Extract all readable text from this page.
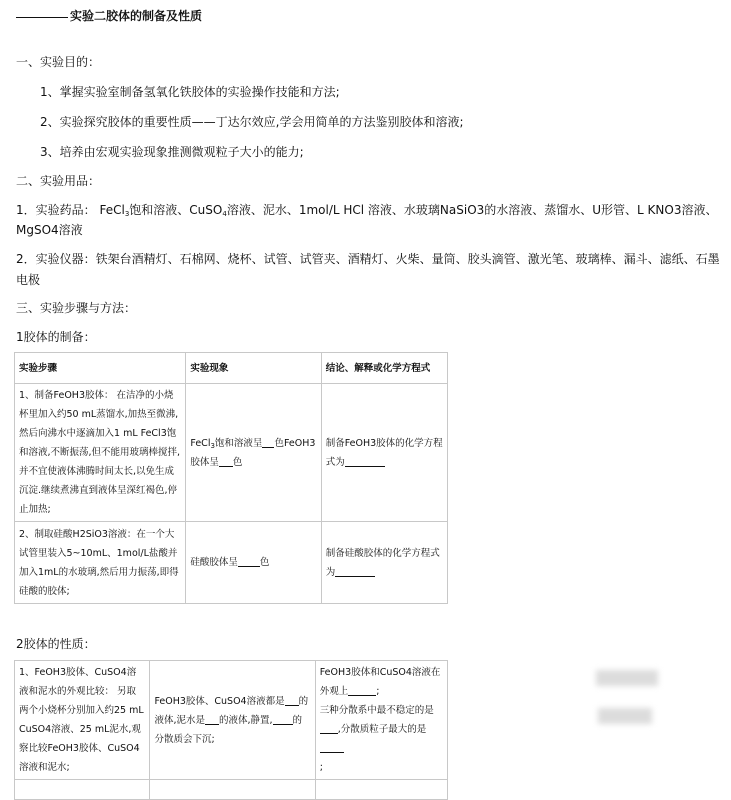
实验二胶体的制备及性质
一、实验目的：
1、掌握实验室制备氢氧化铁胶体的实验操作技能和方法;
2、实验探究胶体的重要性质——丁达尔效应,学会用简单的方法鉴别胶体和溶液;
3、培养由宏观实验现象推测微观粒子大小的能力;
二、实验用品：
1．实验药品： FeCl$_3$饱和溶液、CuSO$_4$溶液、泥水、1mol/L HCl 溶液、水玻璃NaSiO3的水溶液、蒸馏水、U形管、L KNO3溶液、
MgSO4溶液
2．实验仪器：铁架台酒精灯、石棉网、烧杯、试管、试管夹、酒精灯、火柴、量筒、胶头滴管、激光笔、玻璃棒、漏斗、滤纸、石墨
电极
三、实验步骤与方法：
1胶体的制备：
实验步骤	实验现象	结论、解释或化学方程式
1、制备FeOH3胶体： 在洁净的小烧杯里加入约50 mL蒸馏水,加热至微沸,然后向沸水中逐滴加入1 mL FeCl3饱和溶液,不断振荡,但不能用玻璃棒搅拌,并不宜使液体沸腾时间太长,以免生成沉淀.继续煮沸直到液体呈深红褐色,停止加热;	FeCl$_3$饱和溶液呈 色FeOH3胶体呈 色	制备FeOH3胶体的化学方程式为
2、制取硅酸H2SiO3溶液：在一个大试管里装入5~10mL、1mol/L盐酸并加入1mL的水玻璃,然后用力振荡,即得硅酸的胶体;	硅酸胶体呈 色	制备硅酸胶体的化学方程式为
2胶体的性质：
1、FeOH3胶体、CuSO4溶液和泥水的外观比较： 另取两个小烧杯分别加入约25 mL CuSO4溶液、25 mL泥水,观察比较FeOH3胶体、CuSO4溶液和泥水;	FeOH3胶体、CuSO4溶液都是 的液体,泥水是 的液体,静置, 的分散质会下沉;	FeOH3胶体和CuSO4溶液在外观上 ;
三种分散系中最不稳定的是,分散质粒子最大的是
;
